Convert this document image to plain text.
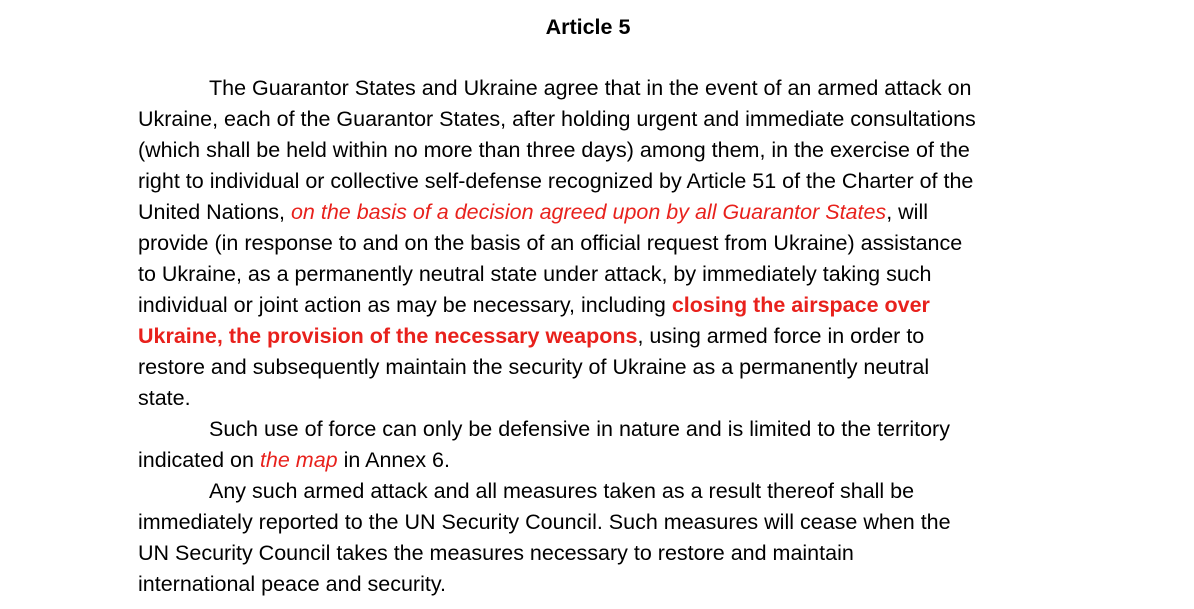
Article 5

The Guarantor States and Ukraine agree that in the event of an armed attack on
Ukraine, each of the Guarantor States, after holding urgent and immediate consultations
(which shall be held within no more than three days) among them, in the exercise of the
right to individual or collective self-defense recognized by Article 51 of the Charter of the
United Nations, on the basis of a decision agreed upon by all Guarantor States, will
provide (in response to and on the basis of an official request from Ukraine) assistance
to Ukraine, as a permanently neutral state under attack, by immediately taking such
individual or joint action as may be necessary, including closing the airspace over
Ukraine, the provision of the necessary weapons, using armed force in order to
restore and subsequently maintain the security of Ukraine as a permanently neutral
state.

Such use of force can only be defensive in nature and is limited to the territory
indicated on the map in Annex 6.

Any such armed attack and all measures taken as a result thereof shall be
immediately reported to the UN Security Council. Such measures will cease when the
UN Security Council takes the measures necessary to restore and maintain
international peace and security.
